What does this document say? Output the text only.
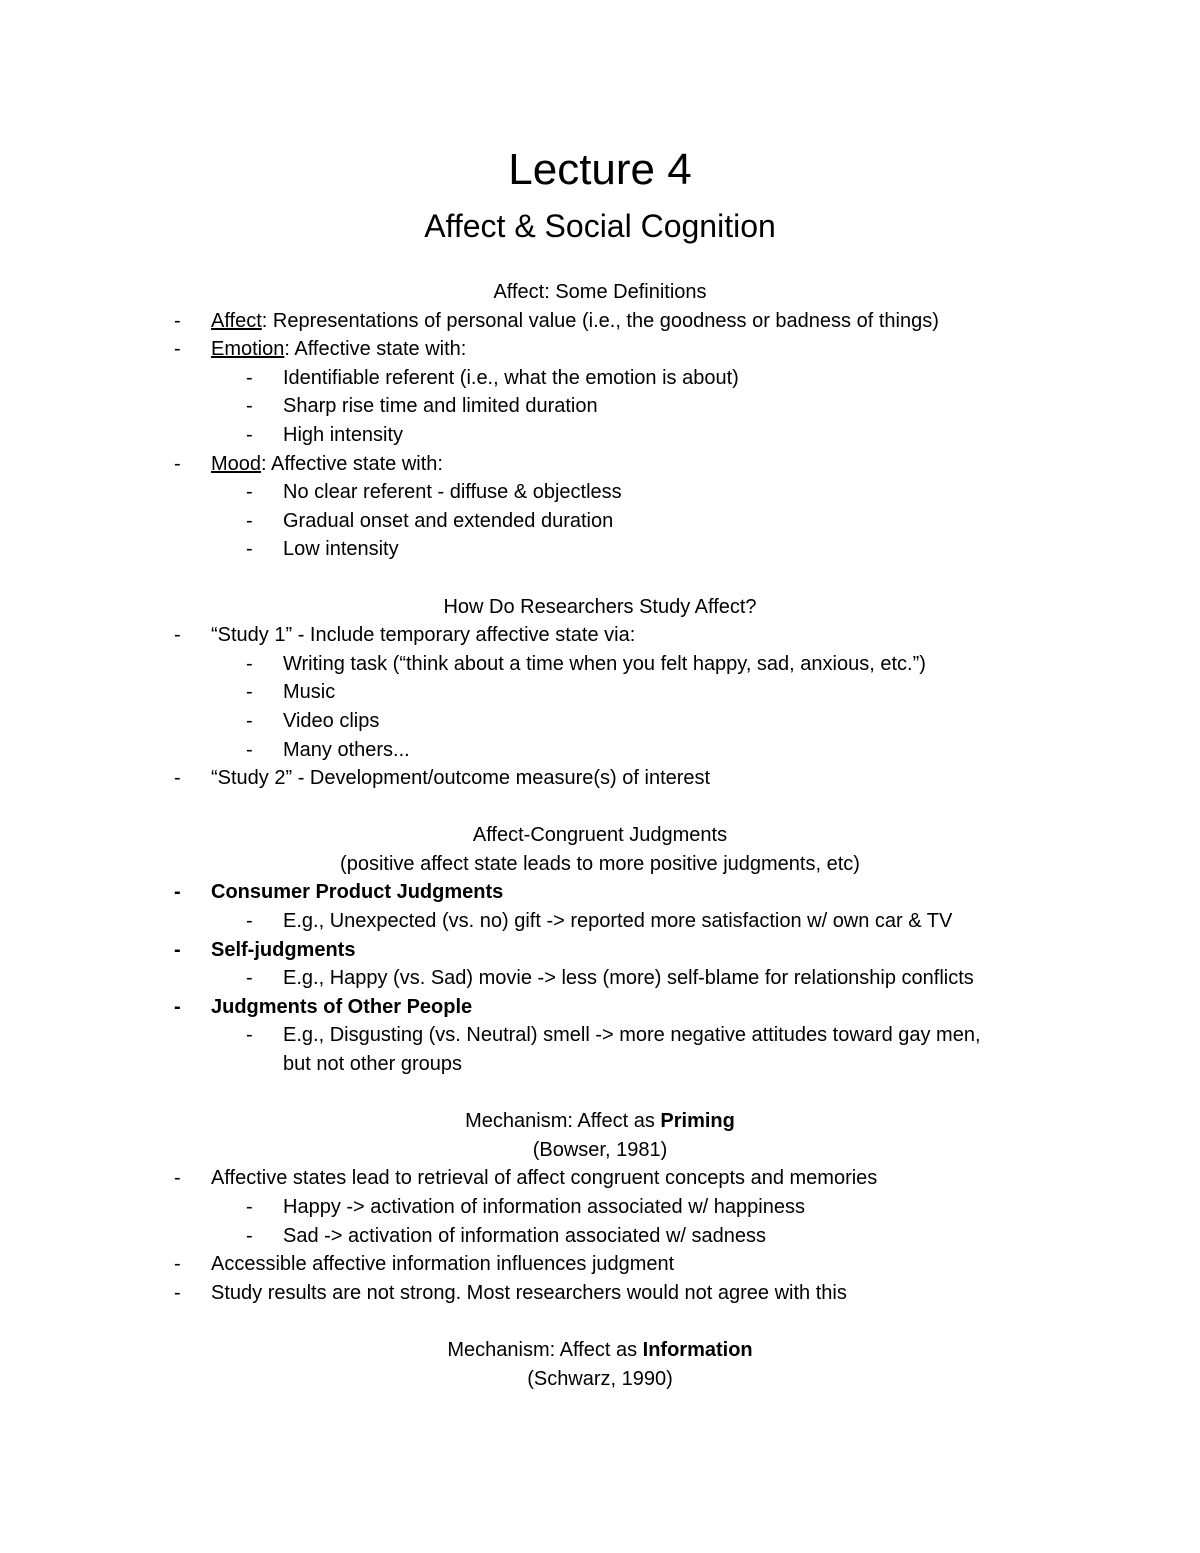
Lecture 4
Affect & Social Cognition
Affect: Some Definitions
- Affect: Representations of personal value (i.e., the goodness or badness of things)
- Emotion: Affective state with:
- Identifiable referent (i.e., what the emotion is about)
- Sharp rise time and limited duration
- High intensity
- Mood: Affective state with:
- No clear referent - diffuse & objectless
- Gradual onset and extended duration
- Low intensity
How Do Researchers Study Affect?
- “Study 1” - Include temporary affective state via:
- Writing task (“think about a time when you felt happy, sad, anxious, etc.”)
- Music
- Video clips
- Many others...
- “Study 2” - Development/outcome measure(s) of interest
Affect-Congruent Judgments
(positive affect state leads to more positive judgments, etc)
- Consumer Product Judgments
- E.g., Unexpected (vs. no) gift -> reported more satisfaction w/ own car & TV
- Self-judgments
- E.g., Happy (vs. Sad) movie -> less (more) self-blame for relationship conflicts
- Judgments of Other People
- E.g., Disgusting (vs. Neutral) smell -> more negative attitudes toward gay men,
but not other groups
Mechanism: Affect as Priming
(Bowser, 1981)
- Affective states lead to retrieval of affect congruent concepts and memories
- Happy -> activation of information associated w/ happiness
- Sad -> activation of information associated w/ sadness
- Accessible affective information influences judgment
- Study results are not strong. Most researchers would not agree with this
Mechanism: Affect as Information
(Schwarz, 1990)
